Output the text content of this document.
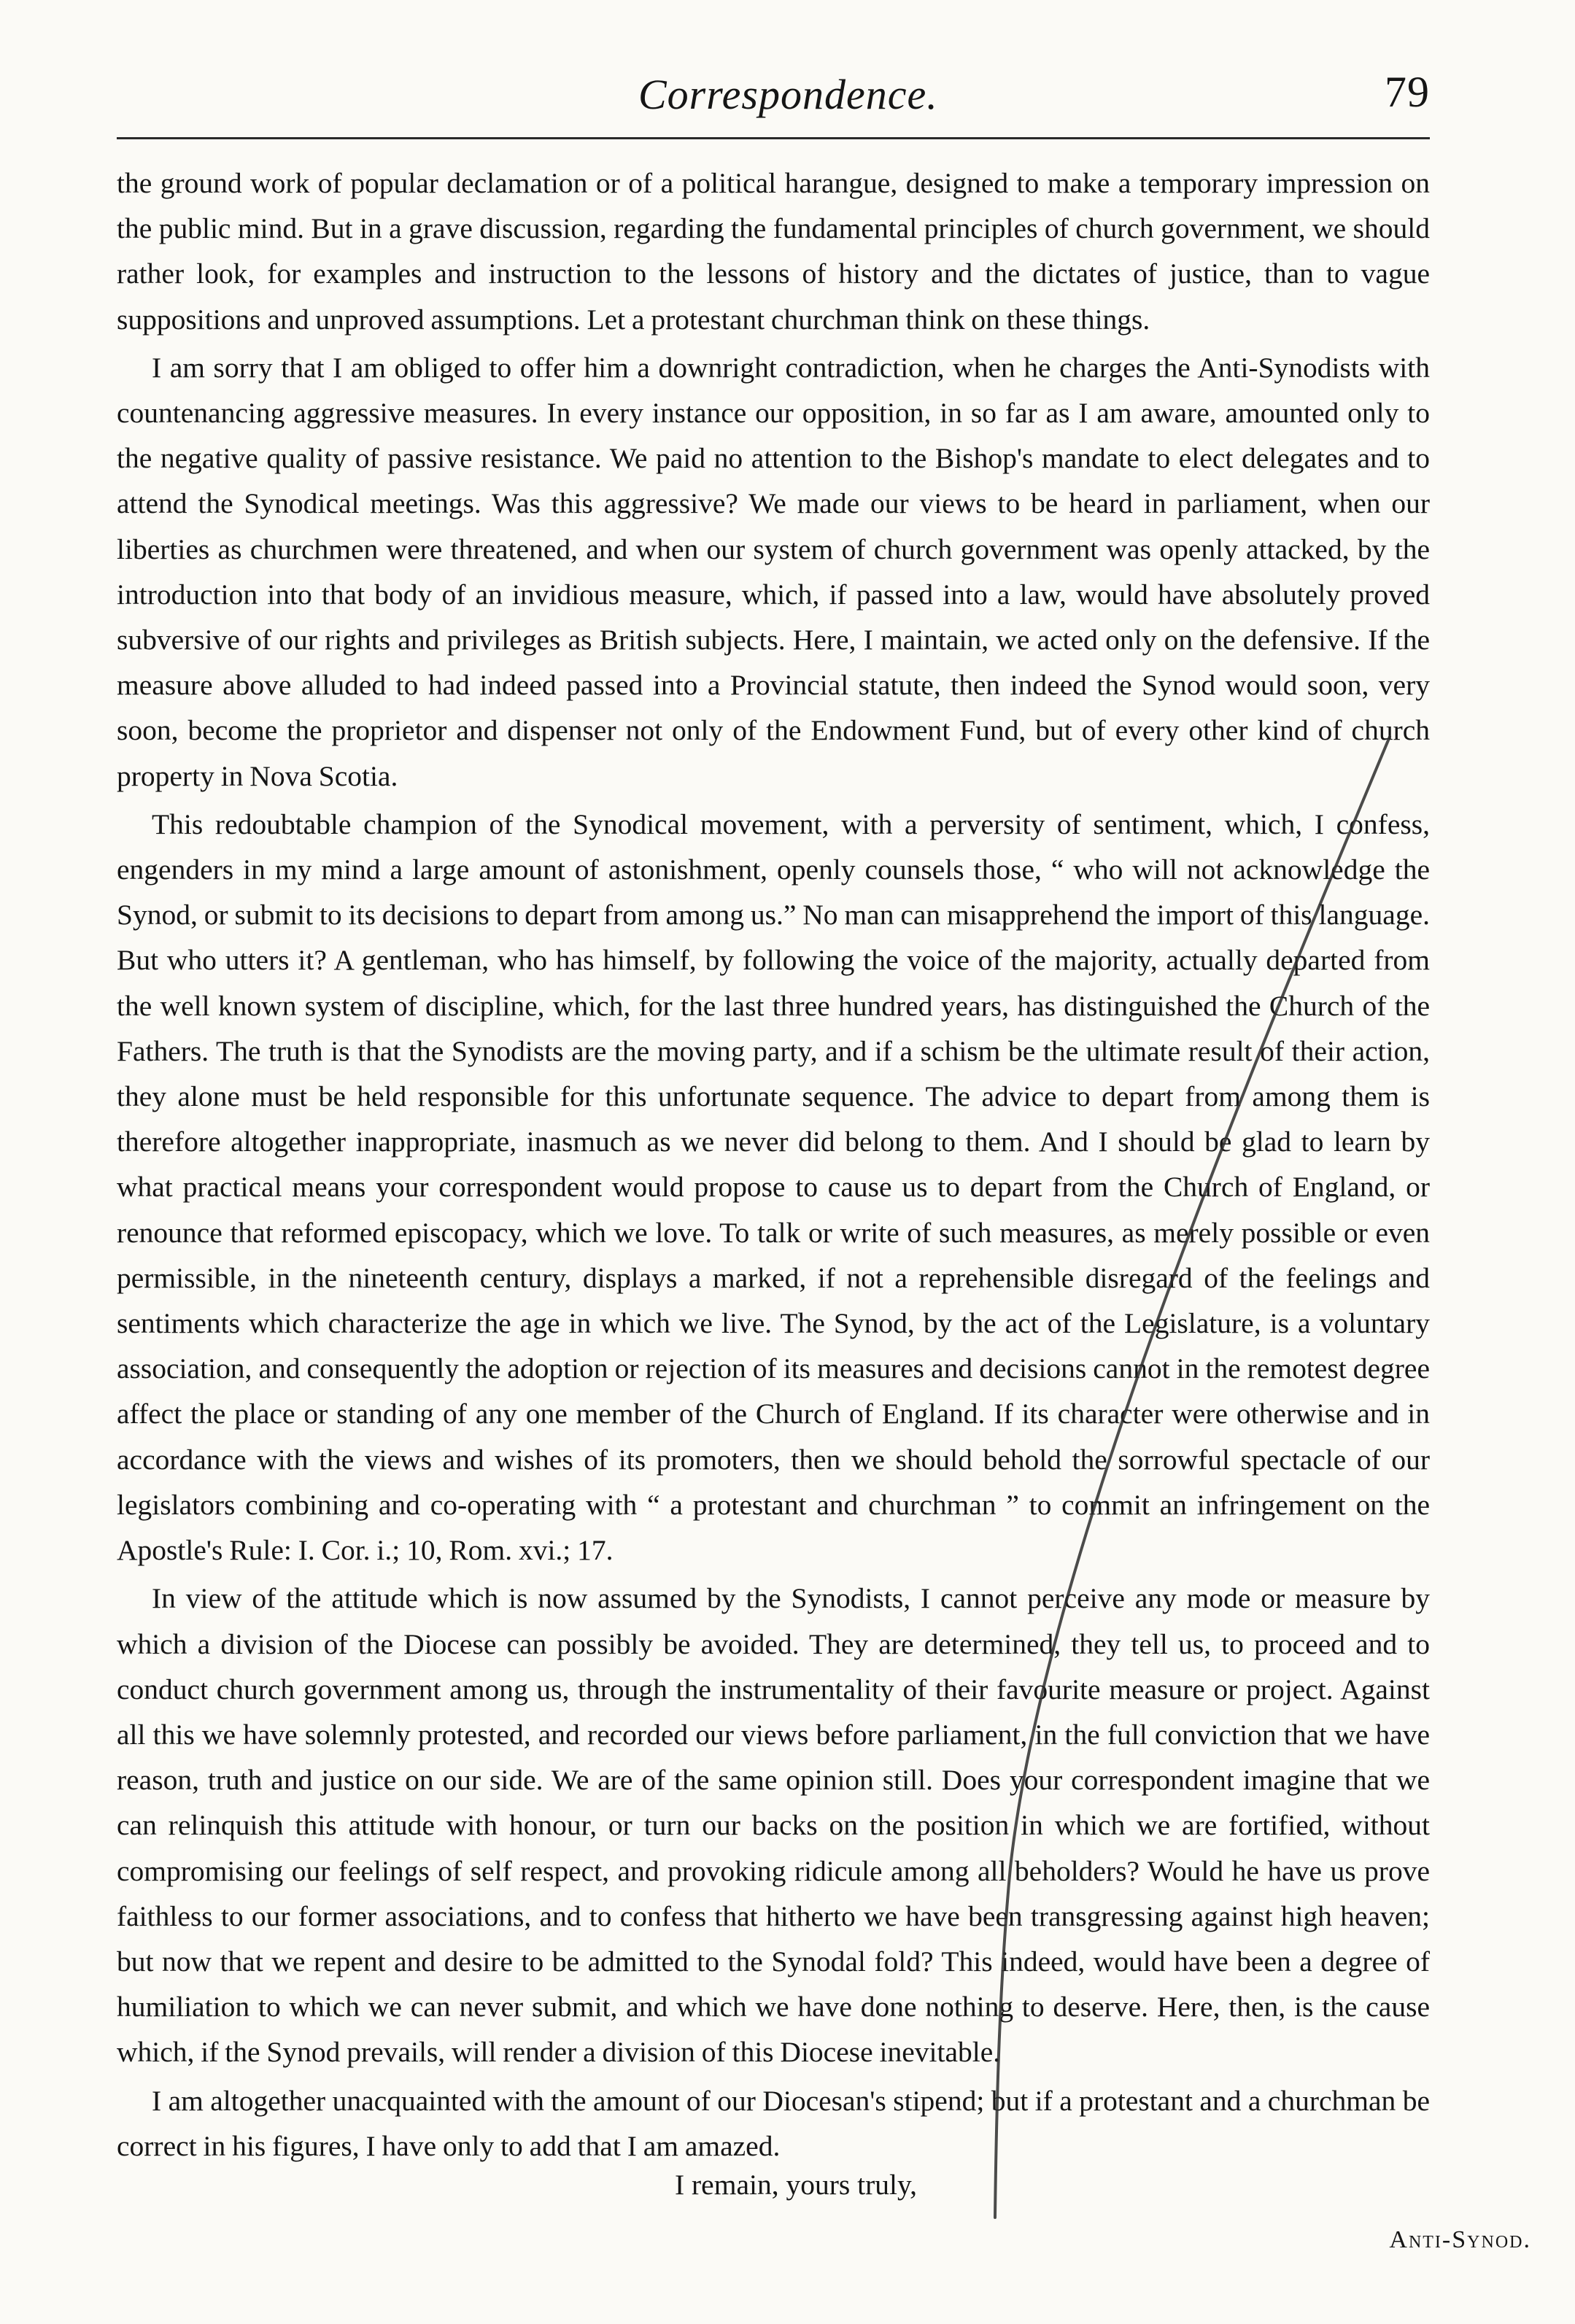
Correspondence.	79

the ground work of popular declamation or of a political harangue, designed to make a temporary impression on the public mind. But in a grave discussion, regarding the fundamental principles of church government, we should rather look, for examples and instruction to the lessons of history and the dictates of justice, than to vague suppositions and unproved assumptions. Let a protestant churchman think on these things.

I am sorry that I am obliged to offer him a downright contradiction, when he charges the Anti-Synodists with countenancing aggressive measures. In every instance our opposition, in so far as I am aware, amounted only to the negative quality of passive resistance. We paid no attention to the Bishop's mandate to elect delegates and to attend the Synodical meetings. Was this aggressive? We made our views to be heard in parliament, when our liberties as churchmen were threatened, and when our system of church government was openly attacked, by the introduction into that body of an invidious measure, which, if passed into a law, would have absolutely proved subversive of our rights and privileges as British subjects. Here, I maintain, we acted only on the defensive. If the measure above alluded to had indeed passed into a Provincial statute, then indeed the Synod would soon, very soon, become the proprietor and dispenser not only of the Endowment Fund, but of every other kind of church property in Nova Scotia.

This redoubtable champion of the Synodical movement, with a perversity of sentiment, which, I confess, engenders in my mind a large amount of astonishment, openly counsels those, “ who will not acknowledge the Synod, or submit to its decisions to depart from among us.” No man can misapprehend the import of this language. But who utters it? A gentleman, who has himself, by following the voice of the majority, actually departed from the well known system of discipline, which, for the last three hundred years, has distinguished the Church of the Fathers. The truth is that the Synodists are the moving party, and if a schism be the ultimate result of their action, they alone must be held responsible for this unfortunate sequence. The advice to depart from among them is therefore altogether inappropriate, inasmuch as we never did belong to them. And I should be glad to learn by what practical means your correspondent would propose to cause us to depart from the Church of England, or renounce that reformed episcopacy, which we love. To talk or write of such measures, as merely possible or even permissible, in the nineteenth century, displays a marked, if not a reprehensible disregard of the feelings and sentiments which characterize the age in which we live. The Synod, by the act of the Legislature, is a voluntary association, and consequently the adoption or rejection of its measures and decisions cannot in the remotest degree affect the place or standing of any one member of the Church of England. If its character were otherwise and in accordance with the views and wishes of its promoters, then we should behold the sorrowful spectacle of our legislators combining and co-operating with “ a protestant and churchman ” to commit an infringement on the Apostle's Rule: I. Cor. i.; 10, Rom. xvi.; 17.

In view of the attitude which is now assumed by the Synodists, I cannot perceive any mode or measure by which a division of the Diocese can possibly be avoided. They are determined, they tell us, to proceed and to conduct church government among us, through the instrumentality of their favourite measure or project. Against all this we have solemnly protested, and recorded our views before parliament, in the full conviction that we have reason, truth and justice on our side. We are of the same opinion still. Does your correspondent imagine that we can relinquish this attitude with honour, or turn our backs on the position in which we are fortified, without compromising our feelings of self respect, and provoking ridicule among all beholders? Would he have us prove faithless to our former associations, and to confess that hitherto we have been transgressing against high heaven; but now that we repent and desire to be admitted to the Synodal fold? This indeed, would have been a degree of humiliation to which we can never submit, and which we have done nothing to deserve. Here, then, is the cause which, if the Synod prevails, will render a division of this Diocese inevitable.

I am altogether unacquainted with the amount of our Diocesan's stipend; but if a protestant and a churchman be correct in his figures, I have only to add that I am amazed.

I remain, yours truly,
Anti-Synod.
